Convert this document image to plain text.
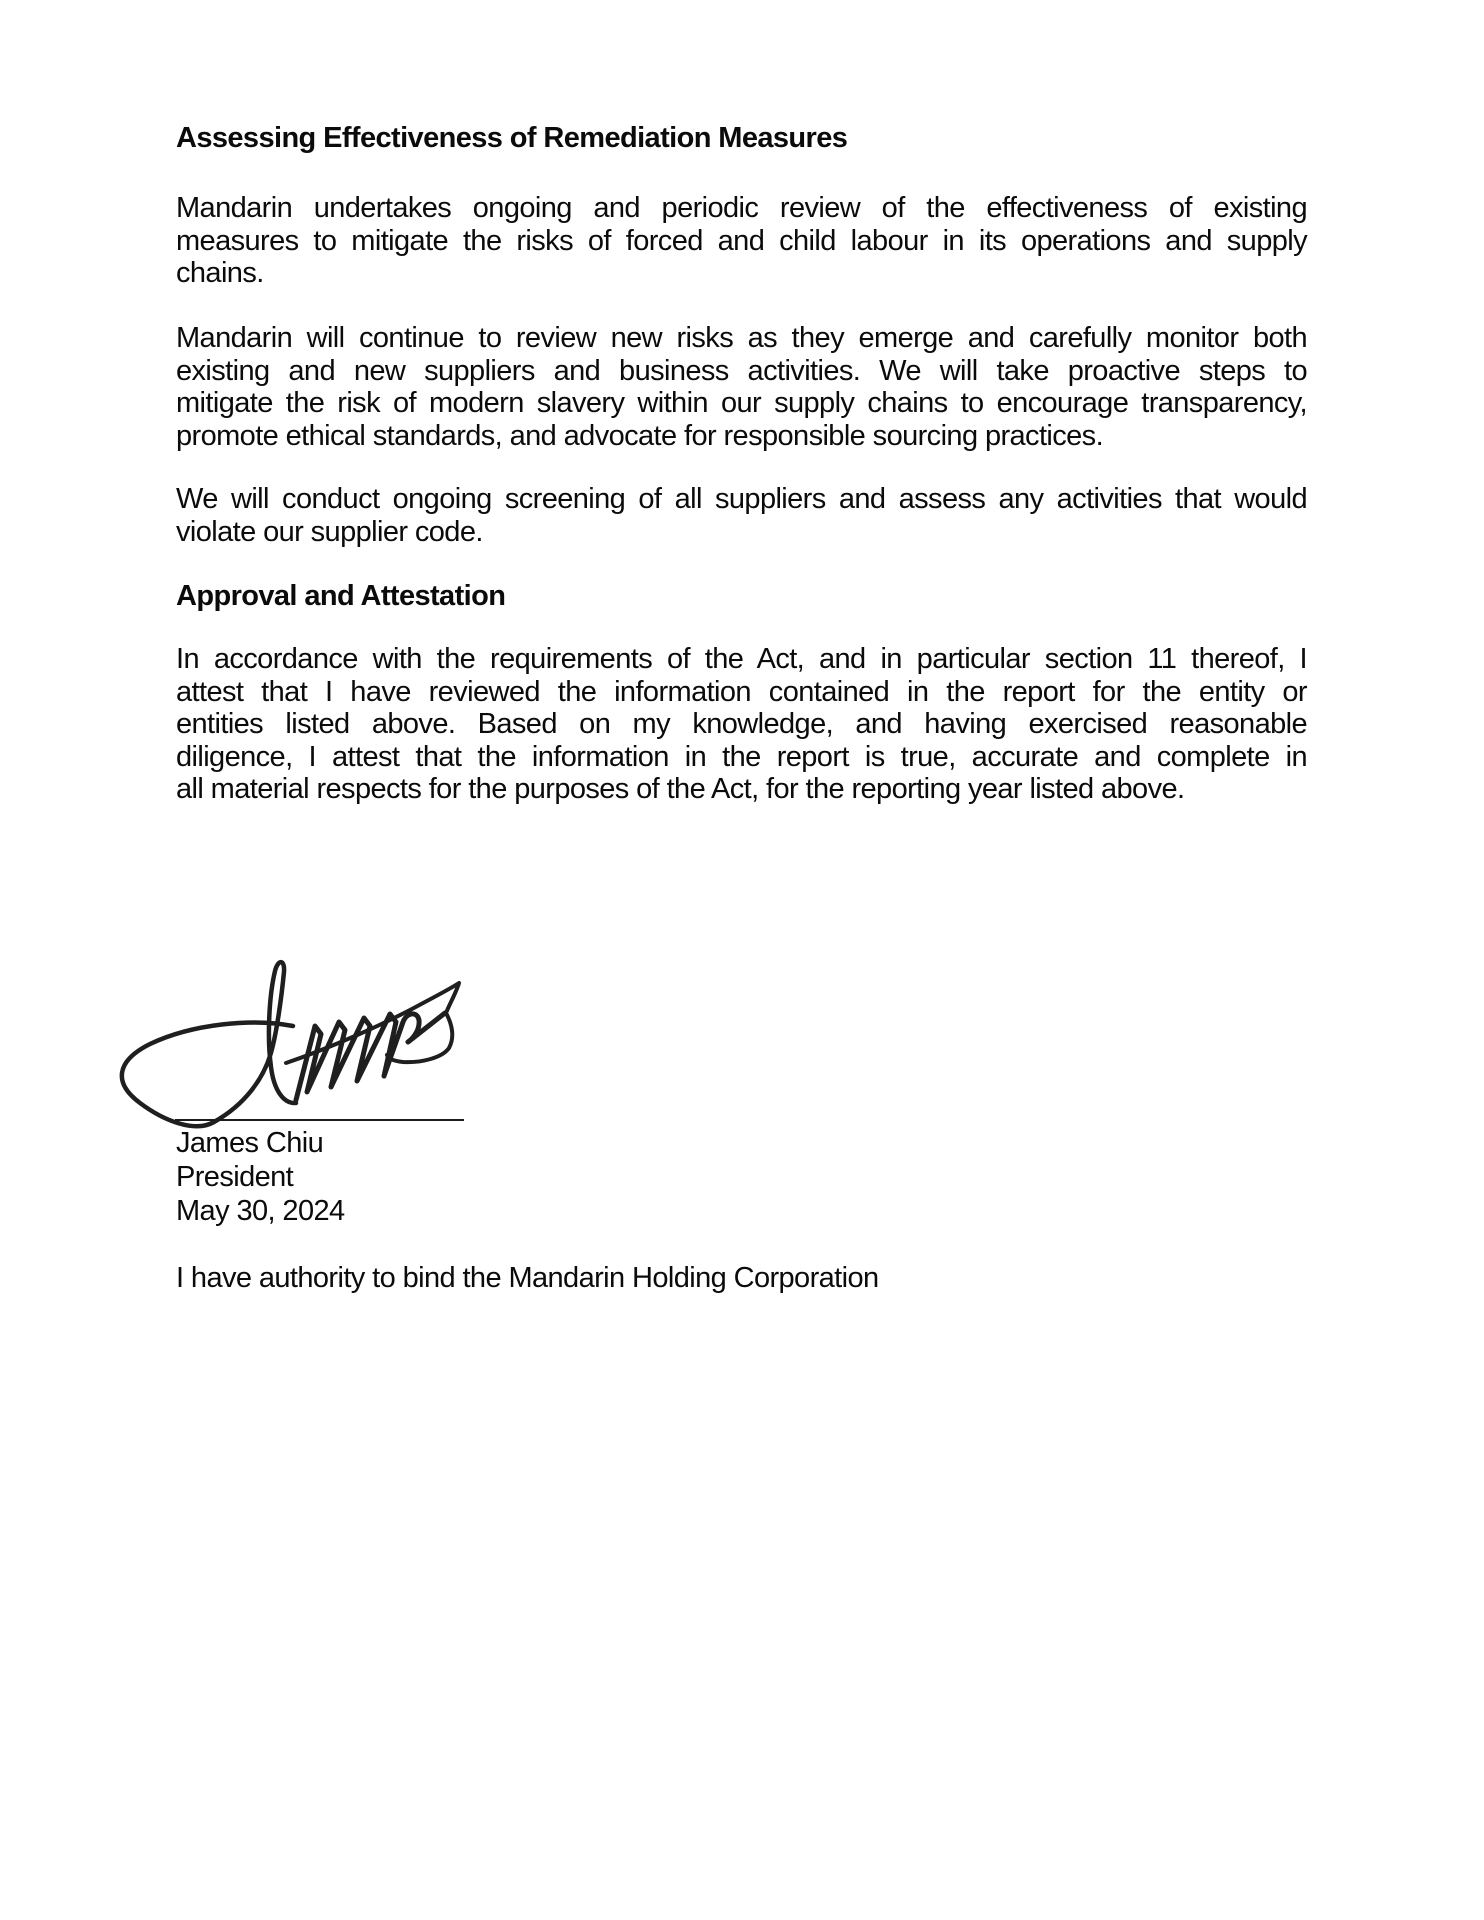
Assessing Effectiveness of Remediation Measures
Mandarin undertakes ongoing and periodic review of the effectiveness of existing
measures to mitigate the risks of forced and child labour in its operations and supply
chains.
Mandarin will continue to review new risks as they emerge and carefully monitor both
existing and new suppliers and business activities. We will take proactive steps to
mitigate the risk of modern slavery within our supply chains to encourage transparency,
promote ethical standards, and advocate for responsible sourcing practices.
We will conduct ongoing screening of all suppliers and assess any activities that would
violate our supplier code.
Approval and Attestation
In accordance with the requirements of the Act, and in particular section 11 thereof, I
attest that I have reviewed the information contained in the report for the entity or
entities listed above. Based on my knowledge, and having exercised reasonable
diligence, I attest that the information in the report is true, accurate and complete in
all material respects for the purposes of the Act, for the reporting year listed above.
James Chiu
President
May 30, 2024
I have authority to bind the Mandarin Holding Corporation
